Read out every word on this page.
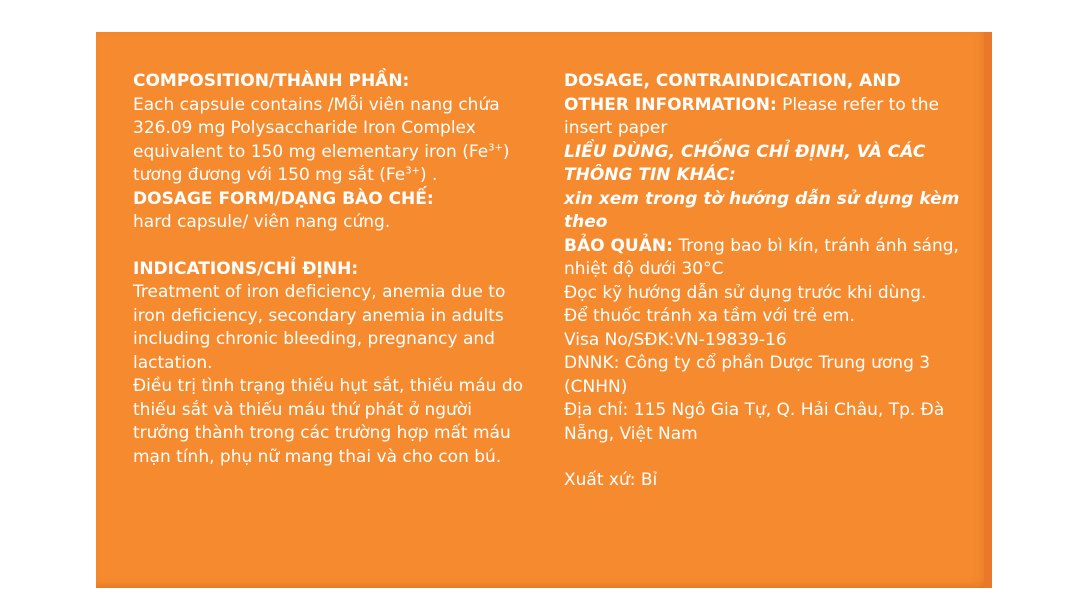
COMPOSITION/THÀNH PHẦN:
Each capsule contains /Mỗi viên nang chứa 326.09 mg Polysaccharide Iron Complex equivalent to 150 mg elementary iron $(Fe^{3+})$ tương đương với 150 mg sắt $(Fe^{3+})$ .
DOSAGE FORM/DẠNG BÀO CHẾ:
hard capsule/ viên nang cứng.
INDICATIONS/CHỈ ĐỊNH:
Treatment of iron deficiency, anemia due to iron deficiency, secondary anemia in adults including chronic bleeding, pregnancy and lactation.
Điều trị tình trạng thiếu hụt sắt, thiếu máu do thiếu sắt và thiếu máu thứ phát ở người trưởng thành trong các trường hợp mất máu mạn tính, phụ nữ mang thai và cho con bú.
DOSAGE, CONTRAINDICATION, AND
OTHER INFORMATION: Please refer to the insert paper
LIỀU DÙNG, CHỐNG CHỈ ĐỊNH, VÀ CÁC THÔNG TIN KHÁC:
xin xem trong tờ hướng dẫn sử dụng kèm theo
BẢO QUẢN: Trong bao bì kín, tránh ánh sáng, nhiệt độ dưới 30°C
Đọc kỹ hướng dẫn sử dụng trước khi dùng.
Để thuốc tránh xa tầm với trẻ em.
Visa No/SĐK:VN-19839-16
DNNK: Công ty cổ phần Dược Trung ương 3 (CNHN)
Địa chỉ: 115 Ngô Gia Tự, Q. Hải Châu, Tp. Đà Nẵng, Việt Nam
Xuất xứ: Bỉ
